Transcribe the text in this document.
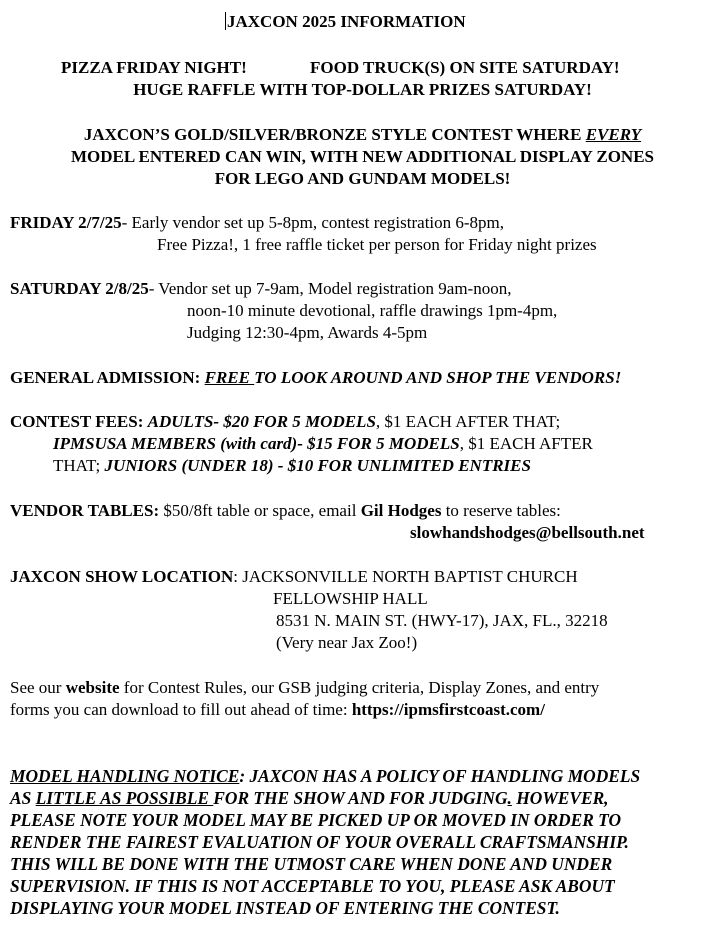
JAXCON 2025 INFORMATION
PIZZA FRIDAY NIGHT!	FOOD TRUCK(S) ON SITE SATURDAY!
HUGE RAFFLE WITH TOP-DOLLAR PRIZES SATURDAY!
JAXCON’S GOLD/SILVER/BRONZE STYLE CONTEST WHERE EVERY
MODEL ENTERED CAN WIN, WITH NEW ADDITIONAL DISPLAY ZONES
FOR LEGO AND GUNDAM MODELS!
FRIDAY 2/7/25- Early vendor set up 5-8pm, contest registration 6-8pm,
Free Pizza!, 1 free raffle ticket per person for Friday night prizes
SATURDAY 2/8/25- Vendor set up 7-9am, Model registration 9am-noon,
noon-10 minute devotional, raffle drawings 1pm-4pm,
Judging 12:30-4pm, Awards 4-5pm
GENERAL ADMISSION: FREE TO LOOK AROUND AND SHOP THE VENDORS!
CONTEST FEES: ADULTS- $20 FOR 5 MODELS, $1 EACH AFTER THAT;
IPMSUSA MEMBERS (with card)- $15 FOR 5 MODELS, $1 EACH AFTER
THAT; JUNIORS (UNDER 18) - $10 FOR UNLIMITED ENTRIES
VENDOR TABLES: $50/8ft table or space, email Gil Hodges to reserve tables:
slowhandshodges@bellsouth.net
JAXCON SHOW LOCATION: JACKSONVILLE NORTH BAPTIST CHURCH
FELLOWSHIP HALL
8531 N. MAIN ST. (HWY-17), JAX, FL., 32218
(Very near Jax Zoo!)
See our website for Contest Rules, our GSB judging criteria, Display Zones, and entry
forms you can download to fill out ahead of time: https://ipmsfirstcoast.com/
MODEL HANDLING NOTICE: JAXCON HAS A POLICY OF HANDLING MODELS
AS LITTLE AS POSSIBLE FOR THE SHOW AND FOR JUDGING. HOWEVER,
PLEASE NOTE YOUR MODEL MAY BE PICKED UP OR MOVED IN ORDER TO
RENDER THE FAIREST EVALUATION OF YOUR OVERALL CRAFTSMANSHIP.
THIS WILL BE DONE WITH THE UTMOST CARE WHEN DONE AND UNDER
SUPERVISION. IF THIS IS NOT ACCEPTABLE TO YOU, PLEASE ASK ABOUT
DISPLAYING YOUR MODEL INSTEAD OF ENTERING THE CONTEST.
